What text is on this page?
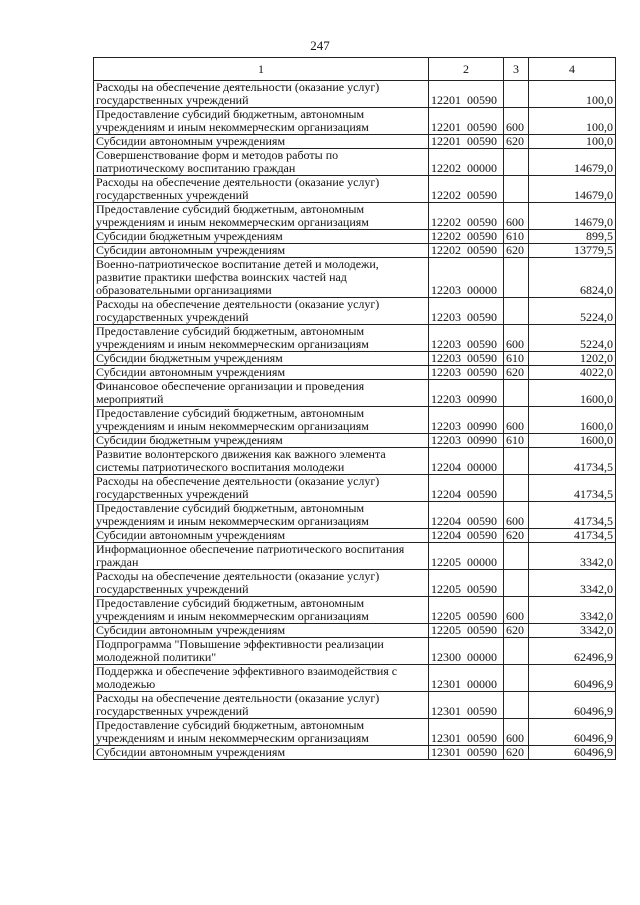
247
1	2	3	4
Расходы на обеспечение деятельности (оказание услуг) государственных учреждений	12201 00590		100,0
Предоставление субсидий бюджетным, автономным учреждениям и иным некоммерческим организациям	12201 00590	600	100,0
Субсидии автономным учреждениям	12201 00590	620	100,0
Совершенствование форм и методов работы по патриотическому воспитанию граждан	12202 00000		14679,0
Расходы на обеспечение деятельности (оказание услуг) государственных учреждений	12202 00590		14679,0
Предоставление субсидий бюджетным, автономным учреждениям и иным некоммерческим организациям	12202 00590	600	14679,0
Субсидии бюджетным учреждениям	12202 00590	610	899,5
Субсидии автономным учреждениям	12202 00590	620	13779,5
Военно-патриотическое воспитание детей и молодежи, развитие практики шефства воинских частей над образовательными организациями	12203 00000		6824,0
Расходы на обеспечение деятельности (оказание услуг) государственных учреждений	12203 00590		5224,0
Предоставление субсидий бюджетным, автономным учреждениям и иным некоммерческим организациям	12203 00590	600	5224,0
Субсидии бюджетным учреждениям	12203 00590	610	1202,0
Субсидии автономным учреждениям	12203 00590	620	4022,0
Финансовое обеспечение организации и проведения мероприятий	12203 00990		1600,0
Предоставление субсидий бюджетным, автономным учреждениям и иным некоммерческим организациям	12203 00990	600	1600,0
Субсидии бюджетным учреждениям	12203 00990	610	1600,0
Развитие волонтерского движения как важного элемента системы патриотического воспитания молодежи	12204 00000		41734,5
Расходы на обеспечение деятельности (оказание услуг) государственных учреждений	12204 00590		41734,5
Предоставление субсидий бюджетным, автономным учреждениям и иным некоммерческим организациям	12204 00590	600	41734,5
Субсидии автономным учреждениям	12204 00590	620	41734,5
Информационное обеспечение патриотического воспитания граждан	12205 00000		3342,0
Расходы на обеспечение деятельности (оказание услуг) государственных учреждений	12205 00590		3342,0
Предоставление субсидий бюджетным, автономным учреждениям и иным некоммерческим организациям	12205 00590	600	3342,0
Субсидии автономным учреждениям	12205 00590	620	3342,0
Подпрограмма "Повышение эффективности реализации молодежной политики"	12300 00000		62496,9
Поддержка и обеспечение эффективного взаимодействия с молодежью	12301 00000		60496,9
Расходы на обеспечение деятельности (оказание услуг) государственных учреждений	12301 00590		60496,9
Предоставление субсидий бюджетным, автономным учреждениям и иным некоммерческим организациям	12301 00590	600	60496,9
Субсидии автономным учреждениям	12301 00590	620	60496,9
